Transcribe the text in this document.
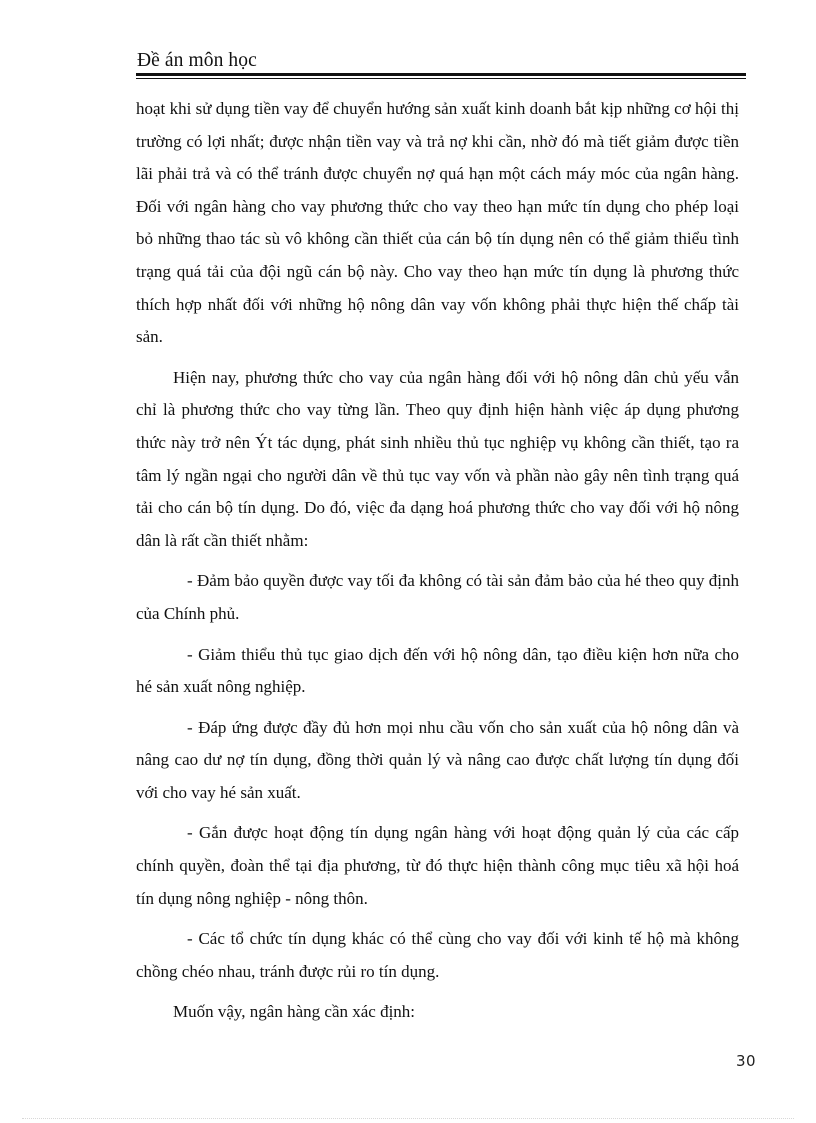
Đề án môn học

hoạt khi sử dụng tiền vay để chuyển hướng sản xuất kinh doanh bắt kịp những cơ hội thị trường có lợi nhất; được nhận tiền vay và trả nợ khi cần, nhờ đó mà tiết giảm được tiền lãi phải trả và có thể tránh được chuyển nợ quá hạn một cách máy móc của ngân hàng. Đối với ngân hàng cho vay phương thức cho vay theo hạn mức tín dụng cho phép loại bỏ những thao tác sù vô không cần thiết của cán bộ tín dụng nên có thể giảm thiểu tình trạng quá tải của đội ngũ cán bộ này. Cho vay theo hạn mức tín dụng là phương thức thích hợp nhất đối với những hộ nông dân vay vốn không phải thực hiện thế chấp tài sản.

Hiện nay, phương thức cho vay của ngân hàng đối với hộ nông dân chủ yếu vẫn chỉ là phương thức cho vay từng lần. Theo quy định hiện hành việc áp dụng phương thức này trở nên Ýt tác dụng, phát sinh nhiều thủ tục nghiệp vụ không cần thiết, tạo ra tâm lý ngần ngại cho người dân về thủ tục vay vốn và phần nào gây nên tình trạng quá tải cho cán bộ tín dụng. Do đó, việc đa dạng hoá phương thức cho vay đối với hộ nông dân là rất cần thiết nhằm:

- Đảm bảo quyền được vay tối đa không có tài sản đảm bảo của hé theo quy định của Chính phủ.

- Giảm thiểu thủ tục giao dịch đến với hộ nông dân, tạo điều kiện hơn nữa cho hé sản xuất nông nghiệp.

- Đáp ứng được đầy đủ hơn mọi nhu cầu vốn cho sản xuất của hộ nông dân và nâng cao dư nợ tín dụng, đồng thời quản lý và nâng cao được chất lượng tín dụng đối với cho vay hé sản xuất.

- Gắn được hoạt động tín dụng ngân hàng với hoạt động quản lý của các cấp chính quyền, đoàn thể tại địa phương, từ đó thực hiện thành công mục tiêu xã hội hoá tín dụng nông nghiệp - nông thôn.

- Các tổ chức tín dụng khác có thể cùng cho vay đối với kinh tế hộ mà không chồng chéo nhau, tránh được rủi ro tín dụng.

Muốn vậy, ngân hàng cần xác định:

30
